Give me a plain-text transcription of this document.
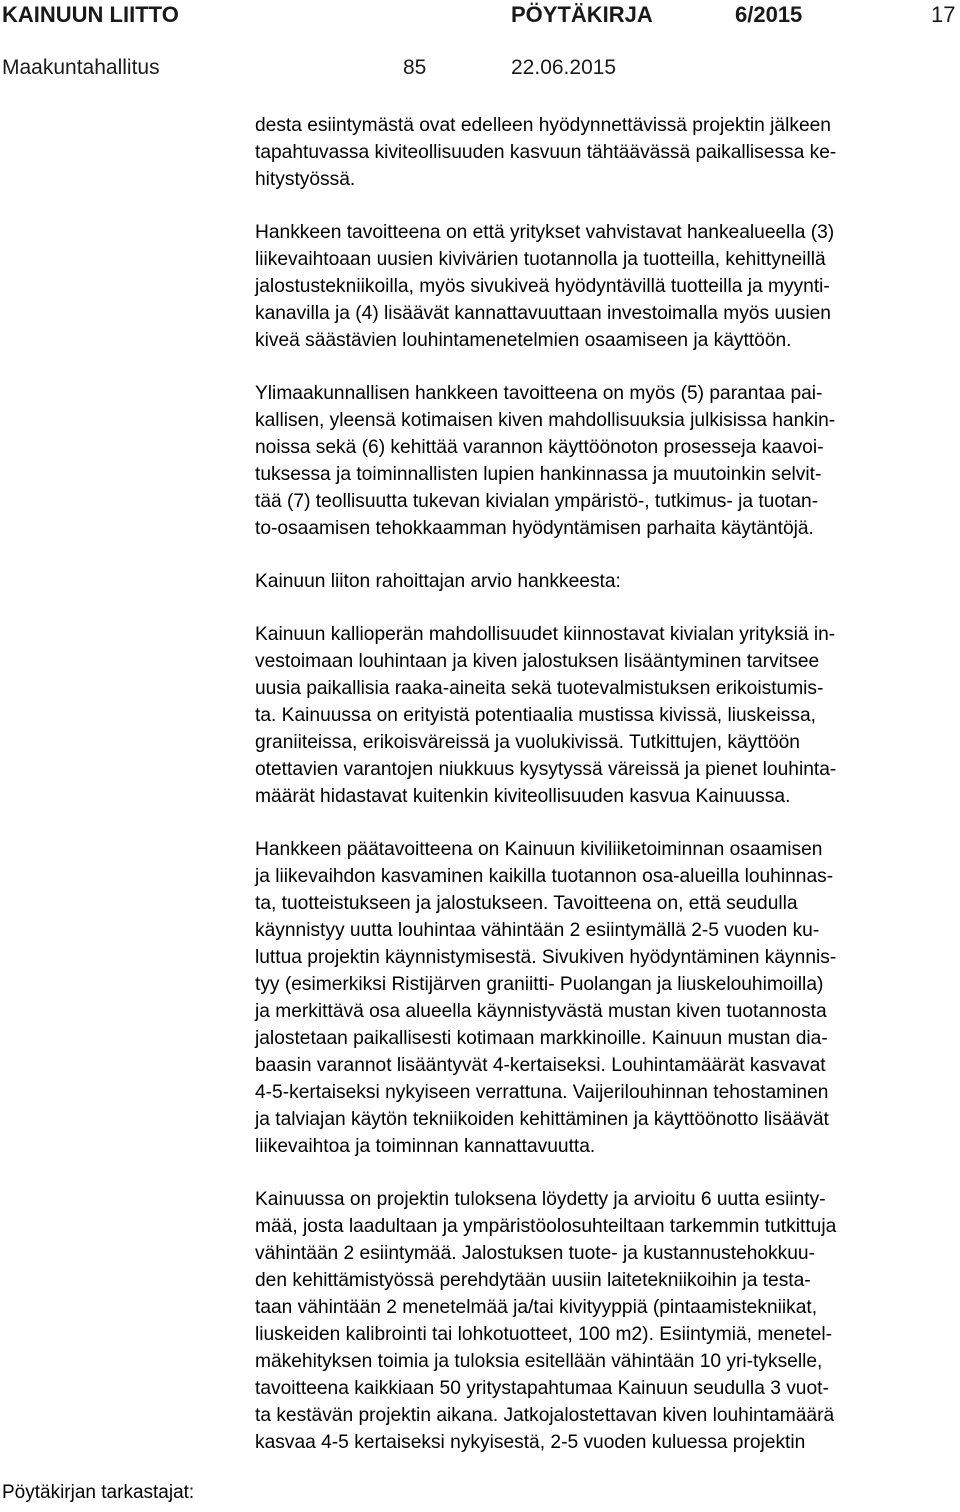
KAINUUN LIITTO	PÖYTÄKIRJA	6/2015	17
Maakuntahallitus	85	22.06.2015

desta esiintymästä ovat edelleen hyödynnettävissä projektin jälkeen
tapahtuvassa kiviteollisuuden kasvuun tähtäävässä paikallisessa ke-
hitystyössä.

Hankkeen tavoitteena on että yritykset vahvistavat hankealueella (3)
liikevaihtoaan uusien kivivärien tuotannolla ja tuotteilla, kehittyneillä
jalostustekniikoilla, myös sivukiveä hyödyntävillä tuotteilla ja myynti-
kanavilla ja (4) lisäävät kannattavuuttaan investoimalla myös uusien
kiveä säästävien louhintamenetelmien osaamiseen ja käyttöön.

Ylimaakunnallisen hankkeen tavoitteena on myös (5) parantaa pai-
kallisen, yleensä kotimaisen kiven mahdollisuuksia julkisissa hankin-
noissa sekä (6) kehittää varannon käyttöönoton prosesseja kaavoi-
tuksessa ja toiminnallisten lupien hankinnassa ja muutoinkin selvit-
tää (7) teollisuutta tukevan kivialan ympäristö-, tutkimus- ja tuotan-
to-osaamisen tehokkaamman hyödyntämisen parhaita käytäntöjä.

Kainuun liiton rahoittajan arvio hankkeesta:

Kainuun kallioperän mahdollisuudet kiinnostavat kivialan yrityksiä in-
vestoimaan louhintaan ja kiven jalostuksen lisääntyminen tarvitsee
uusia paikallisia raaka-aineita sekä tuotevalmistuksen erikoistumis-
ta. Kainuussa on erityistä potentiaalia mustissa kivissä, liuskeissa,
graniiteissa, erikoisväreissä ja vuolukivissä. Tutkittujen, käyttöön
otettavien varantojen niukkuus kysytyssä väreissä ja pienet louhinta-
määrät hidastavat kuitenkin kiviteollisuuden kasvua Kainuussa.

Hankkeen päätavoitteena on Kainuun kiviliiketoiminnan osaamisen
ja liikevaihdon kasvaminen kaikilla tuotannon osa-alueilla louhinnas-
ta, tuotteistukseen ja jalostukseen. Tavoitteena on, että seudulla
käynnistyy uutta louhintaa vähintään 2 esiintymällä 2-5 vuoden ku-
luttua projektin käynnistymisestä. Sivukiven hyödyntäminen käynnis-
tyy (esimerkiksi Ristijärven graniitti- Puolangan ja liuskelouhimoilla)
ja merkittävä osa alueella käynnistyvästä mustan kiven tuotannosta
jalostetaan paikallisesti kotimaan markkinoille. Kainuun mustan dia-
baasin varannot lisääntyvät 4-kertaiseksi. Louhintamäärät kasvavat
4-5-kertaiseksi nykyiseen verrattuna. Vaijerilouhinnan tehostaminen
ja talviajan käytön tekniikoiden kehittäminen ja käyttöönotto lisäävät
liikevaihtoa ja toiminnan kannattavuutta.

Kainuussa on projektin tuloksena löydetty ja arvioitu 6 uutta esiinty-
mää, josta laadultaan ja ympäristöolosuhteiltaan tarkemmin tutkittuja
vähintään 2 esiintymää. Jalostuksen tuote- ja kustannustehokkuu-
den kehittämistyössä perehdytään uusiin laitetekniikoihin ja testa-
taan vähintään 2 menetelmää ja/tai kivityyppiä (pintaamistekniikat,
liuskeiden kalibrointi tai lohkotuotteet, 100 m2). Esiintymiä, menetel-
mäkehityksen toimia ja tuloksia esitellään vähintään 10 yri-tykselle,
tavoitteena kaikkiaan 50 yritystapahtumaa Kainuun seudulla 3 vuot-
ta kestävän projektin aikana. Jatkojalostettavan kiven louhintamäärä
kasvaa 4-5 kertaiseksi nykyisestä, 2-5 vuoden kuluessa projektin

Pöytäkirjan tarkastajat:
